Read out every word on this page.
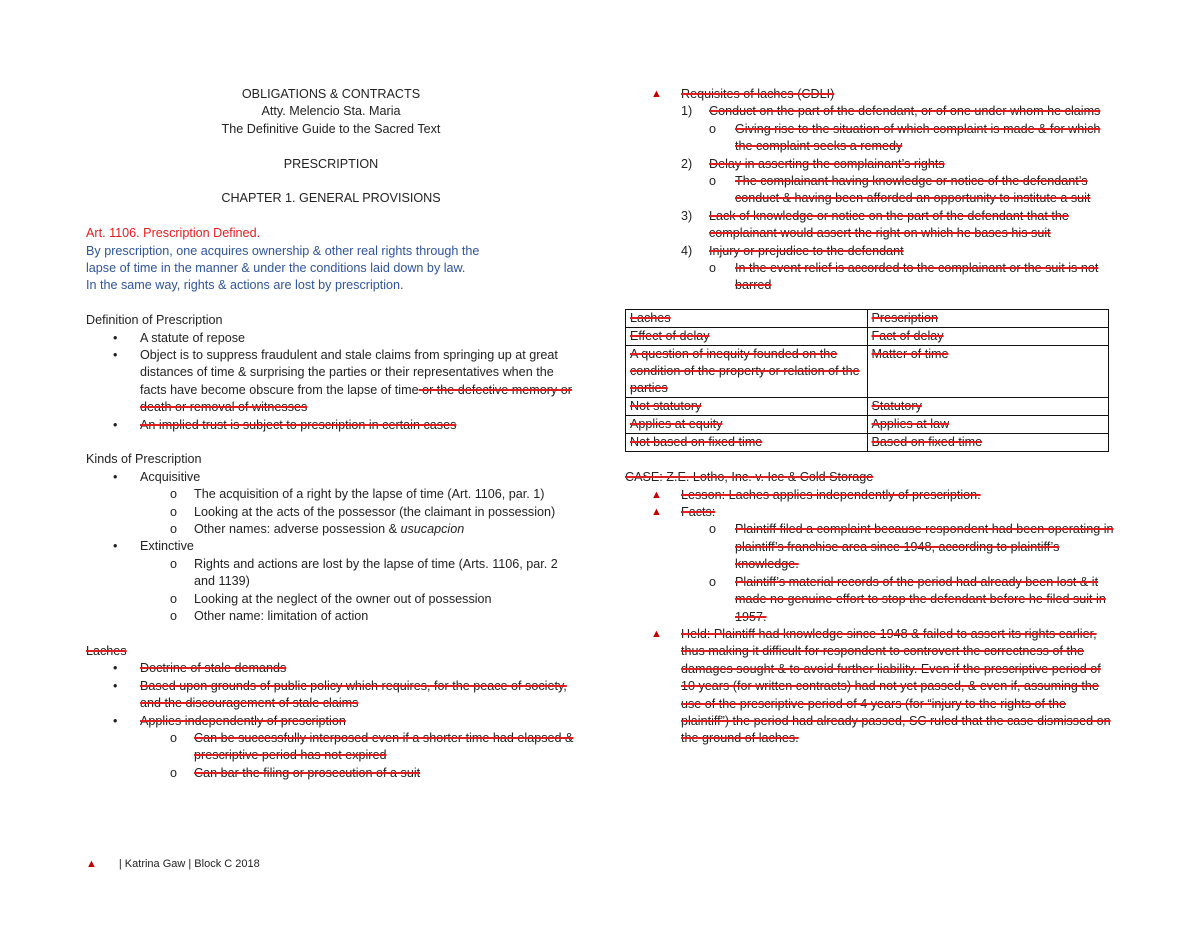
OBLIGATIONS & CONTRACTS
Atty. Melencio Sta. Maria
The Definitive Guide to the Sacred Text
PRESCRIPTION
CHAPTER 1. GENERAL PROVISIONS
Art. 1106. Prescription Defined.
By prescription, one acquires ownership & other real rights through the
lapse of time in the manner & under the conditions laid down by law.
In the same way, rights & actions are lost by prescription.
Definition of Prescription
• A statute of repose
• Object is to suppress fraudulent and stale claims from springing up at great distances of time & surprising the parties or their representatives when the facts have become obscure from the lapse of time or the defective memory or death or removal of witnesses
• An implied trust is subject to prescription in certain cases
Kinds of Prescription
• Acquisitive
o The acquisition of a right by the lapse of time (Art. 1106, par. 1)
o Looking at the acts of the possessor (the claimant in possession)
o Other names: adverse possession & usucapcion
• Extinctive
o Rights and actions are lost by the lapse of time (Arts. 1106, par. 2 and 1139)
o Looking at the neglect of the owner out of possession
o Other name: limitation of action
Laches
• Doctrine of stale demands
• Based upon grounds of public policy which requires, for the peace of society, and the discouragement of stale claims
• Applies independently of prescription
o Can be successfully interposed even if a shorter time had elapsed & prescriptive period has not expired
o Can bar the filing or prosecution of a suit
▲ Requisites of laches (CDLI)
1) Conduct on the part of the defendant, or of one under whom he claims
o Giving rise to the situation of which complaint is made & for which the complaint seeks a remedy
2) Delay in asserting the complainant’s rights
o The complainant having knowledge or notice of the defendant’s conduct & having been afforded an opportunity to institute a suit
3) Lack of knowledge or notice on the part of the defendant that the complainant would assert the right on which he bases his suit
4) Injury or prejudice to the defendant
o In the event relief is accorded to the complainant or the suit is not barred
Laches	Prescription
Effect of delay	Fact of delay
A question of inequity founded on the condition of the property or relation of the parties	Matter of time
Not statutory	Statutory
Applies at equity	Applies at law
Not based on fixed time	Based on fixed time
CASE: Z.E. Lotho, Inc. v. Ice & Cold Storage
▲ Lesson: Laches applies independently of prescription.
▲ Facts:
o Plaintiff filed a complaint because respondent had been operating in plaintiff’s franchise area since 1948, according to plaintiff’s knowledge.
o Plaintiff’s material records of the period had already been lost & it made no genuine effort to stop the defendant before he filed suit in 1957.
▲ Held: Plaintiff had knowledge since 1948 & failed to assert its rights earlier, thus making it difficult for respondent to controvert the correctness of the damages sought & to avoid further liability. Even if the prescriptive period of 10 years (for written contracts) had not yet passed, & even if, assuming the use of the prescriptive period of 4 years (for “injury to the rights of the plaintiff”) the period had already passed, SC ruled that the case dismissed on the ground of laches.
▲ | Katrina Gaw | Block C 2018
